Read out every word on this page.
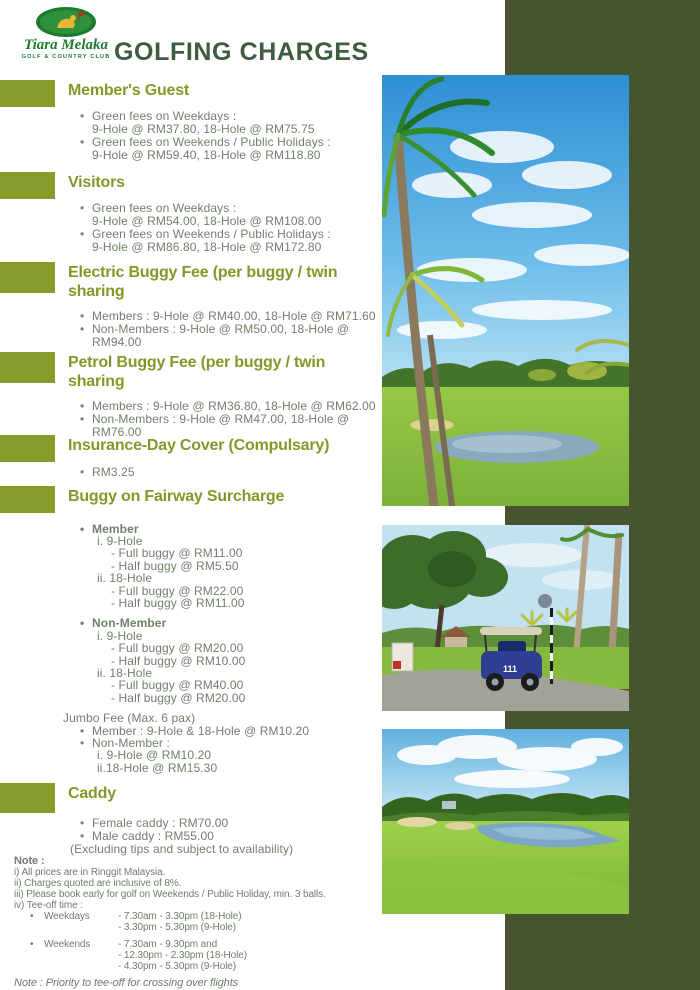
111
Tiara Melaka
GOLF & COUNTRY CLUB GOLFING CHARGES
Member's Guest
• Green fees on Weekdays :
9-Hole @ RM37.80, 18-Hole @ RM75.75
• Green fees on Weekends / Public Holidays :
9-Hole @ RM59.40, 18-Hole @ RM118.80
Visitors
• Green fees on Weekdays :
9-Hole @ RM54.00, 18-Hole @ RM108.00
• Green fees on Weekends / Public Holidays :
9-Hole @ RM86.80, 18-Hole @ RM172.80
Electric Buggy Fee (per buggy / twin
sharing
• Members : 9-Hole @ RM40.00, 18-Hole @ RM71.60
• Non-Members : 9-Hole @ RM50.00, 18-Hole @
RM94.00
Petrol Buggy Fee (per buggy / twin
sharing
• Members : 9-Hole @ RM36.80, 18-Hole @ RM62.00
• Non-Members : 9-Hole @ RM47.00, 18-Hole @
RM76.00
Insurance-Day Cover (Compulsary)
• RM3.25
Buggy on Fairway Surcharge
• Member
i. 9-Hole
- Full buggy @ RM11.00
- Half buggy @ RM5.50
ii. 18-Hole
- Full buggy @ RM22.00
- Half buggy @ RM11.00
• Non-Member
i. 9-Hole
- Full buggy @ RM20.00
- Half buggy @ RM10.00
ii. 18-Hole
- Full buggy @ RM40.00
- Half buggy @ RM20.00
Jumbo Fee (Max. 6 pax)
• Member : 9-Hole & 18-Hole @ RM10.20
• Non-Member :
i. 9-Hole @ RM10.20
ii.18-Hole @ RM15.30
Caddy
• Female caddy : RM70.00
• Male caddy : RM55.00
(Excluding tips and subject to availability)
Note :
i) All prices are in Ringgit Malaysia.
ii) Charges quoted are inclusive of 8%.
iii) Please book early for golf on Weekends / Public Holiday, min. 3 balls.
iv) Tee-off time :
•	Weekdays	- 7.30am - 3.30pm (18-Hole)
- 3.30pm - 5.30pm (9-Hole)
•	Weekends	- 7.30am - 9.30pm and
- 12.30pm - 2.30pm (18-Hole)
- 4.30pm - 5.30pm (9-Hole)
Note : Priority to tee-off for crossing over flights
